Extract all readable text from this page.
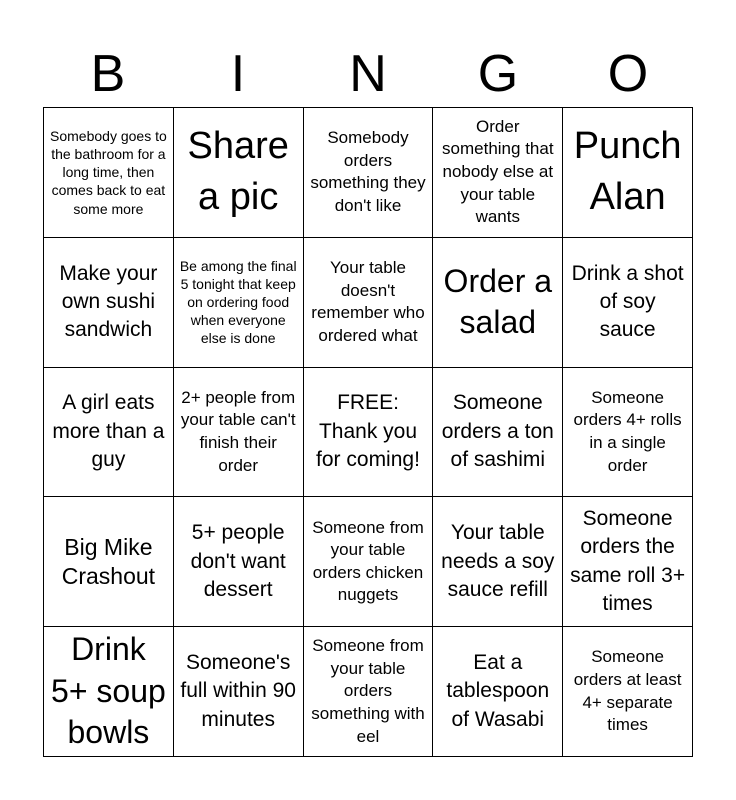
B	I	N	G	O
Somebody goes to the bathroom for a long time, then comes back to eat some more
Share a pic
Somebody orders something they don't like
Order something that nobody else at your table wants
Punch Alan
Make your own sushi sandwich
Be among the final 5 tonight that keep on ordering food when everyone else is done
Your table doesn't remember who ordered what
Order a salad
Drink a shot of soy sauce
A girl eats more than a guy
2+ people from your table can't finish their order
FREE: Thank you for coming!
Someone orders a ton of sashimi
Someone orders 4+ rolls in a single order
Big Mike Crashout
5+ people don't want dessert
Someone from your table orders chicken nuggets
Your table needs a soy sauce refill
Someone orders the same roll 3+ times
Drink 5+ soup bowls
Someone's full within 90 minutes
Someone from your table orders something with eel
Eat a tablespoon of Wasabi
Someone orders at least 4+ separate times
